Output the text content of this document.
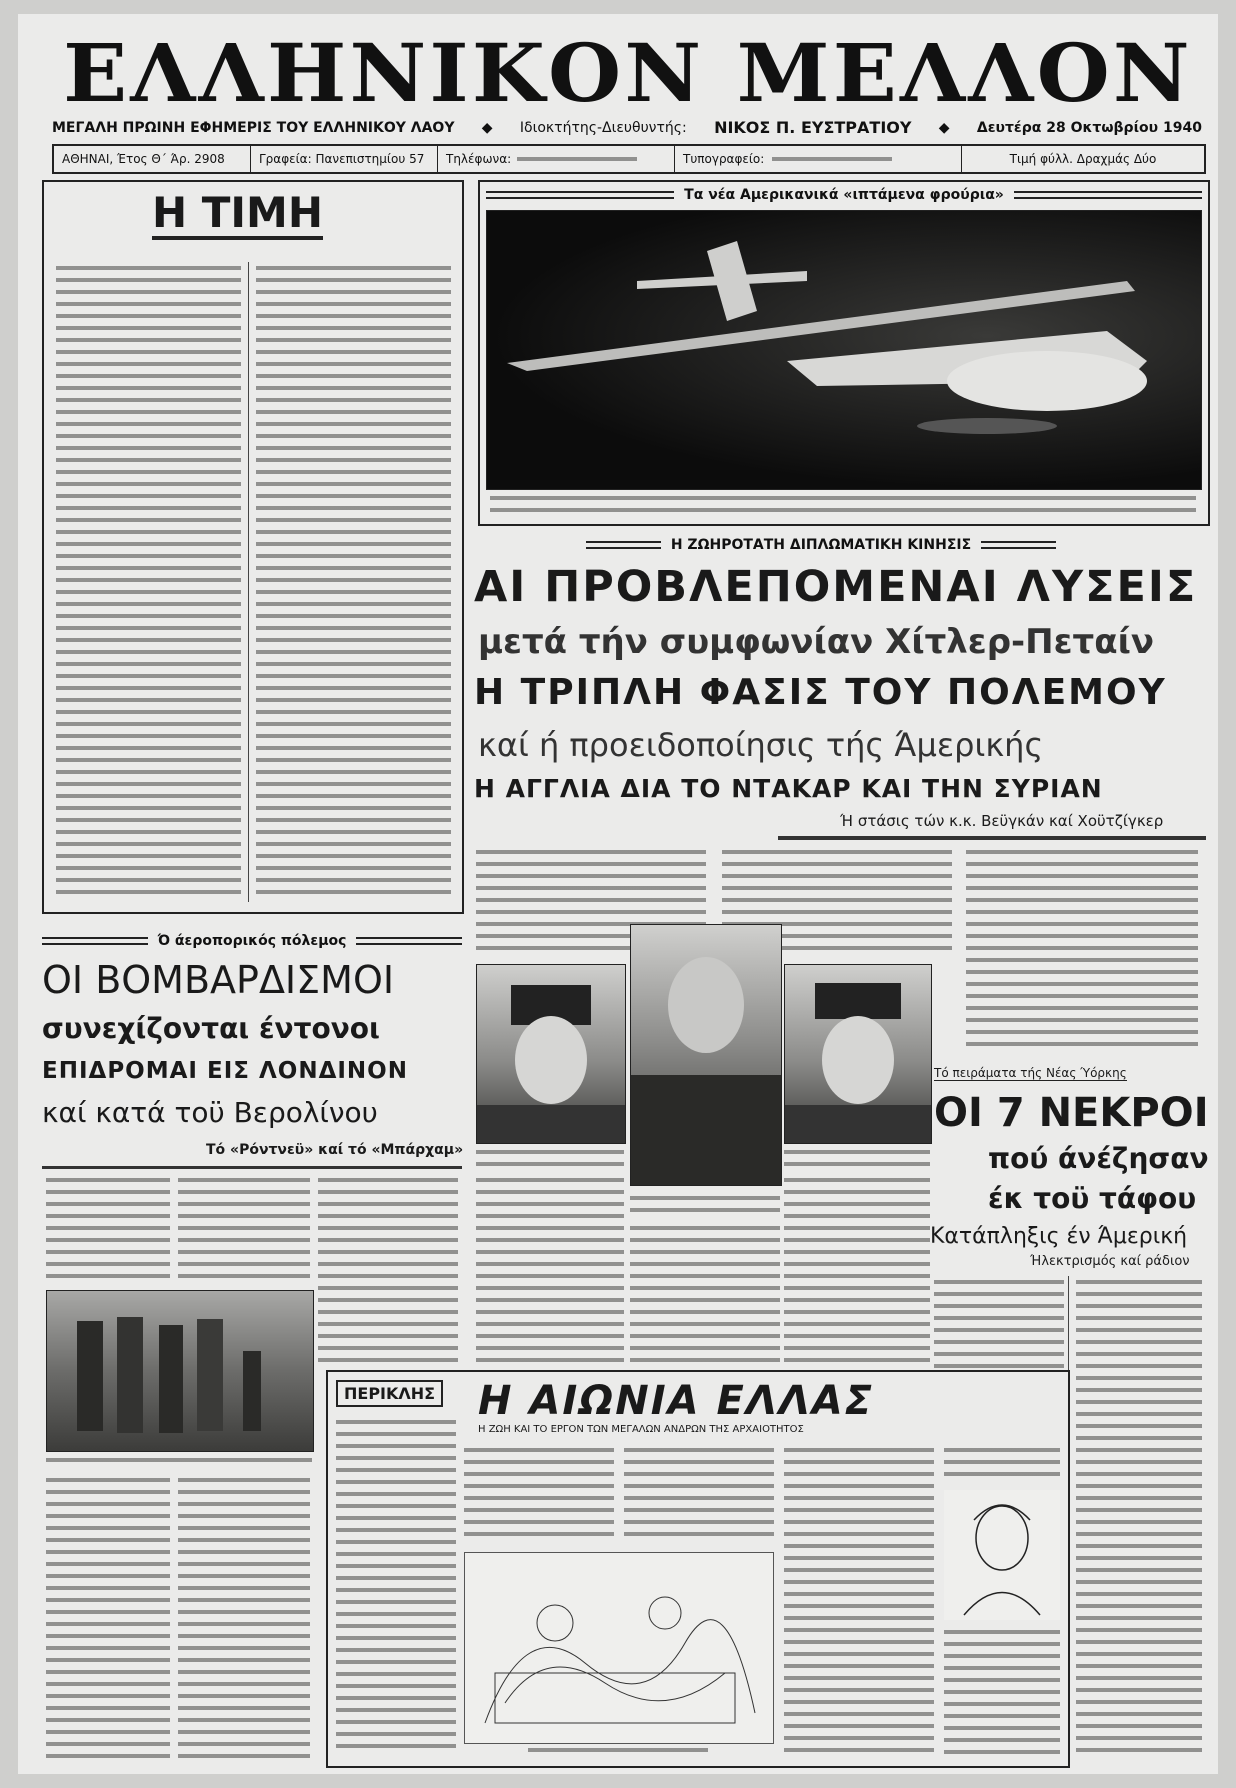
ΕΛΛΗΝΙΚΟΝ ΜΕΛΛΟΝ
ΜΕΓΑΛΗ ΠΡΩΙΝΗ ΕΦΗΜΕΡΙΣ ΤΟΥ ΕΛΛΗΝΙΚΟΥ ΛΑΟΥ ◆ Ιδιοκτήτης-Διευθυντής: ΝΙΚΟΣ Π. ΕΥΣΤΡΑΤΙΟΥ ◆ Δευτέρα 28 Οκτωβρίου 1940
ΑΘΗΝΑΙ, Έτος Θ΄ Άρ. 2908	Γραφεία: Πανεπιστημίου 57	Τηλέφωνα:	Τυπογραφείο:	Τιμή φύλλ. Δραχμάς Δύο
Η ΤΙΜΗ	Τα νέα Αμερικανικά «ιπτάμενα φρούρια»
Η ΖΩΗΡΟΤΑΤΗ ΔΙΠΛΩΜΑΤΙΚΗ ΚΙΝΗΣΙΣ
ΑΙ ΠΡΟΒΛΕΠΟΜΕΝΑΙ ΛΥΣΕΙΣ
μετά τήν συμφωνίαν Χίτλερ-Πεταίν
Η ΤΡΙΠΛΗ ΦΑΣΙΣ ΤΟΥ ΠΟΛΕΜΟΥ
καί ή προειδοποίησις τής Άμερικής
Η ΑΓΓΛΙΑ ΔΙΑ ΤΟ ΝΤΑΚΑΡ ΚΑΙ ΤΗΝ ΣΥΡΙΑΝ
Ή στάσις τών κ.κ. Βεϋγκάν καί Χοϋτζίγκερ
Τό πειράματα τής Νέας Ύόρκης
ΟΙ 7 ΝΕΚΡΟΙ
πού άνέζησαν
έκ τοϋ τάφου
Κατάπληξις έν Άμερική
Ήλεκτρισμός καί ράδιον
Ό άεροπορικός πόλεμος
ΟΙ ΒΟΜΒΑΡΔΙΣΜΟΙ
συνεχίζονται έντονοι
ΕΠΙΔΡΟΜΑΙ ΕΙΣ ΛΟΝΔΙΝΟΝ
καί κατά τοϋ Βερολίνου
Τό «Ρόντνεϋ» καί τό «Μπάρχαμ»
ΠΕΡΙΚΛΗΣ Η ΑΙΩΝΙΑ ΕΛΛΑΣ
Η ΖΩΗ ΚΑΙ ΤΟ ΕΡΓΟΝ ΤΩΝ ΜΕΓΑΛΩΝ ΑΝΔΡΩΝ ΤΗΣ ΑΡΧΑΙΟΤΗΤΟΣ
